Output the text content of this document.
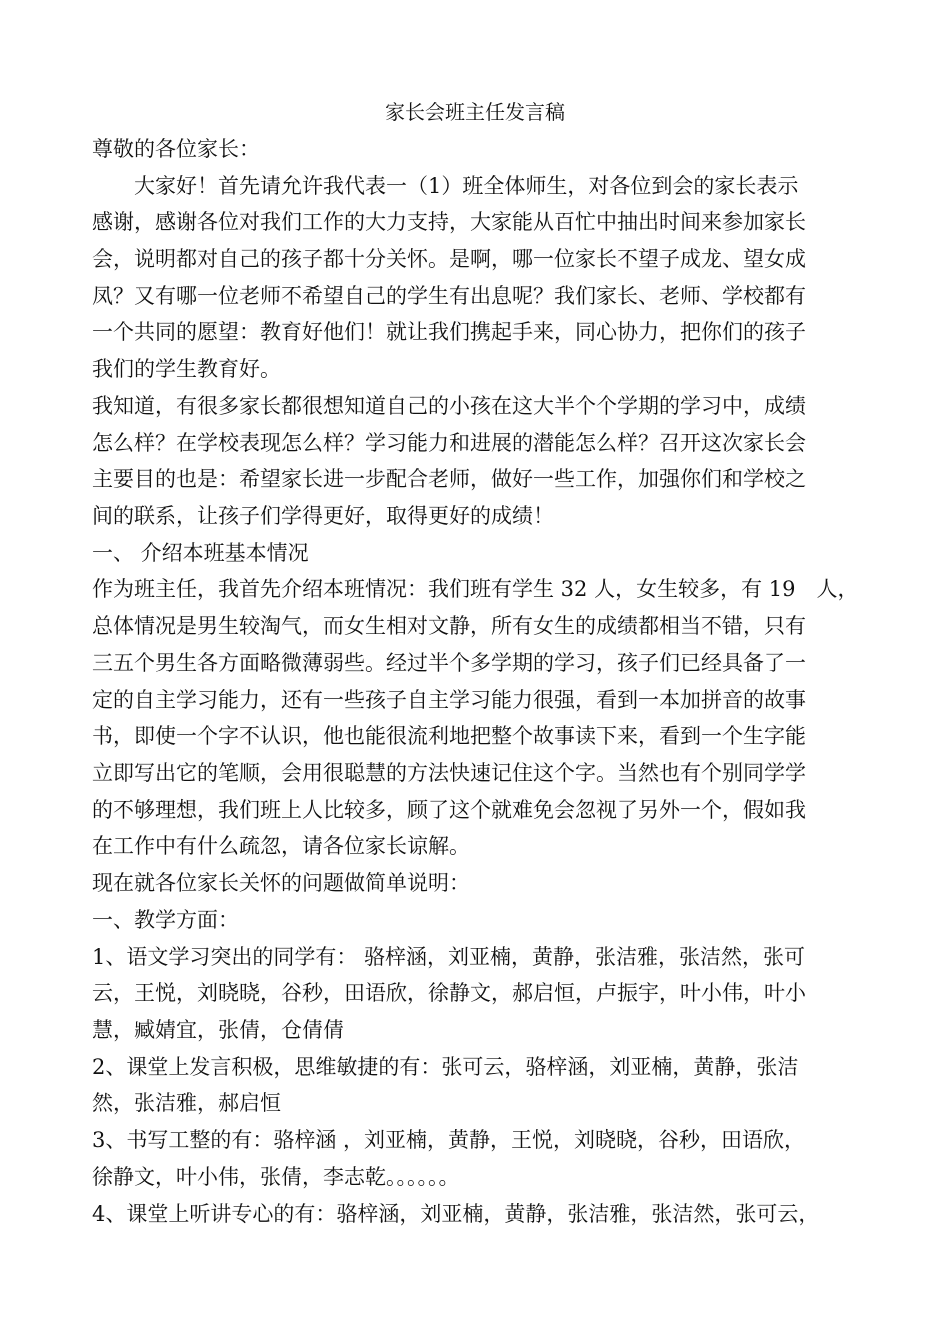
家长会班主任发言稿
尊敬的各位家长：
　　大家好！首先请允许我代表一（1）班全体师生，对各位到会的家长表示
感谢，感谢各位对我们工作的大力支持，大家能从百忙中抽出时间来参加家长
会，说明都对自己的孩子都十分关怀。是啊，哪一位家长不望子成龙、望女成
凤？又有哪一位老师不希望自己的学生有出息呢？我们家长、老师、学校都有
一个共同的愿望：教育好他们！就让我们携起手来，同心协力，把你们的孩子
我们的学生教育好。
我知道，有很多家长都很想知道自己的小孩在这大半个个学期的学习中，成绩
怎么样？在学校表现怎么样？学习能力和进展的潜能怎么样？召开这次家长会
主要目的也是：希望家长进一步配合老师，做好一些工作，加强你们和学校之
间的联系，让孩子们学得更好，取得更好的成绩！
一、 介绍本班基本情况
作为班主任，我首先介绍本班情况：我们班有学生 32 人，女生较多，有 19　人，
总体情况是男生较淘气，而女生相对文静，所有女生的成绩都相当不错，只有
三五个男生各方面略微薄弱些。经过半个多学期的学习，孩子们已经具备了一
定的自主学习能力，还有一些孩子自主学习能力很强，看到一本加拼音的故事
书，即使一个字不认识，他也能很流利地把整个故事读下来，看到一个生字能
立即写出它的笔顺，会用很聪慧的方法快速记住这个字。当然也有个别同学学
的不够理想，我们班上人比较多，顾了这个就难免会忽视了另外一个，假如我
在工作中有什么疏忽，请各位家长谅解。
现在就各位家长关怀的问题做简单说明：
一、教学方面：
1、语文学习突出的同学有： 骆梓涵，刘亚楠，黄静，张洁雅，张洁然，张可
云，王悦，刘晓晓，谷秒，田语欣，徐静文，郝启恒，卢振宇，叶小伟，叶小
慧，臧婧宜，张倩，仓倩倩
2、课堂上发言积极，思维敏捷的有：张可云，骆梓涵，刘亚楠，黄静，张洁
然，张洁雅，郝启恒
3、书写工整的有：骆梓涵 ，刘亚楠，黄静，王悦，刘晓晓，谷秒，田语欣，
徐静文，叶小伟，张倩，李志乾。。。。。。
4、课堂上听讲专心的有：骆梓涵，刘亚楠，黄静，张洁雅，张洁然，张可云，
